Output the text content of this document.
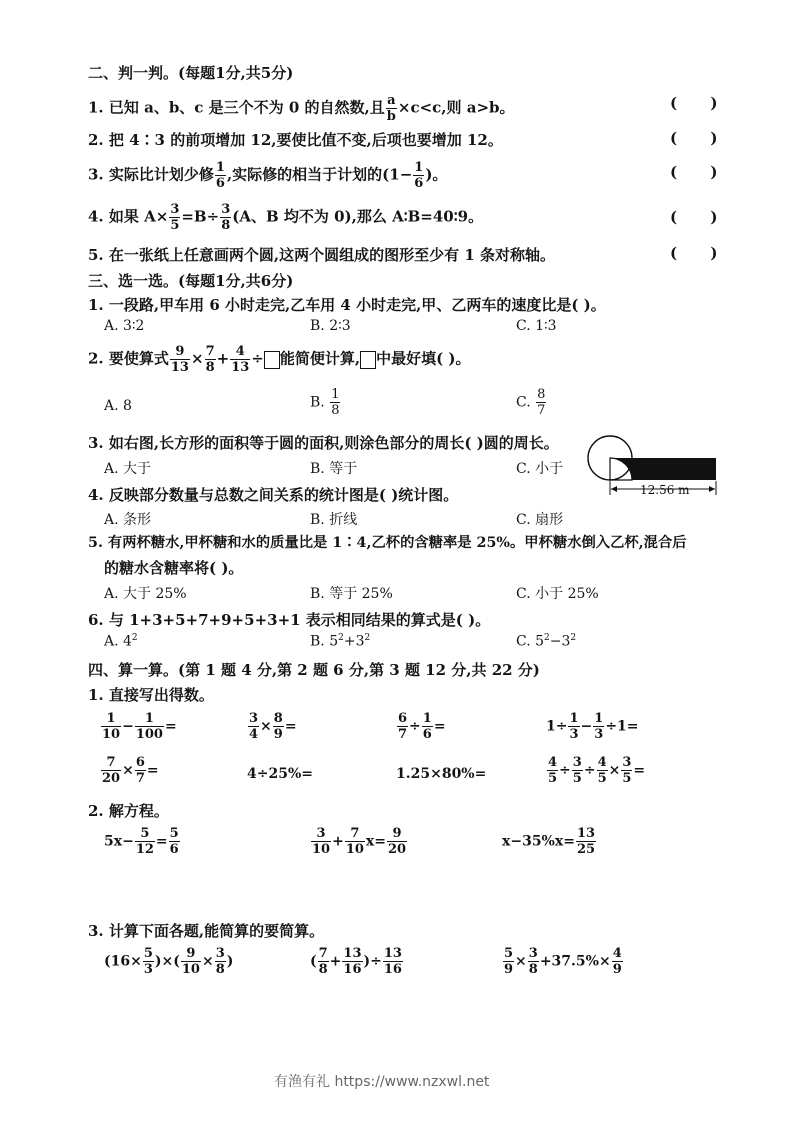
二、判一判。(每题1分,共5分)
1. 已知 a、b、c 是三个不为 0 的自然数,且 $\frac{a}{b} \times c<c$,则 a>b。	( )
2. 把 4∶3 的前项增加 12,要使比值不变,后项也要增加 12。	( )
3. 实际比计划少修 $\frac{1}{6}$ ,实际修的相当于计划的($1- \frac{1}{6}$ )。	( )
4. 如果 $A\times \frac{3}{5} =B\div \frac{3}{8} (A$、B 均不为 0),那么 A∶B=40∶9。	( )
5. 在一张纸上任意画两个圆,这两个圆组成的图形至少有 1 条对称轴。	( )
三、选一选。(每题1分,共6分)
1. 一段路,甲车用 6 小时走完,乙车用 4 小时走完,甲、乙两车的速度比是( )。
A. 3∶2	B. 2∶3	C. 1∶3
2. 要使算式 $\frac{9}{13} \times \frac{7}{8} + \frac{4}{13}$ ÷ 能简便计算, 中最好填( )。
A. 8	B. $\frac{1}{8}$	C. $\frac{8}{7}$
3. 如右图,长方形的面积等于圆的面积,则涂色部分的周长( )圆的周长。
A. 大于	B. 等于	C. 小于
12.56 m
4. 反映部分数量与总数之间关系的统计图是( )统计图。
A. 条形	B. 折线	C. 扇形
5. 有两杯糖水,甲杯糖和水的质量比是 1∶4,乙杯的含糖率是 25%。甲杯糖水倒入乙杯,混合后
的糖水含糖率将( )。
A. 大于 25%	B. 等于 25%	C. 小于 25%
6. 与 1+3+5+7+9+5+3+1 表示相同结果的算式是( )。
A. $4^2$	B. $5^2+3^2$	C. $5^2-3^2$
四、算一算。(第 1 题 4 分,第 2 题 6 分,第 3 题 12 分,共 22 分)
1. 直接写出得数。
$\frac{1}{10} - \frac{1}{100}$ =	$\frac{3}{4} \times \frac{8}{9}$ =	$\frac{6}{7} \div \frac{1}{6}$ =	$1\div \frac{1}{3} - \frac{1}{3} \div 1=$
$\frac{7}{20} \times \frac{6}{7}$ =	4÷25%=	1.25×80%=	$\frac{4}{5} \div \frac{3}{5} \div \frac{4}{5} \times \frac{3}{5}$ =
2. 解方程。
$5x- \frac{5}{12} = \frac{5}{6}$	$\frac{3}{10} + \frac{7}{10} x= \frac{9}{20}$	$x-35\%x= \frac{13}{25}$
3. 计算下面各题,能简算的要简算。
($16\times \frac{5}{3}$ )×( $\frac{9}{10} \times \frac{3}{8}$ )	( $\frac{7}{8} + \frac{13}{16}$ )÷ $\frac{13}{16}$	$\frac{5}{9} \times \frac{3}{8} +37.5\%\times \frac{4}{9}$
有渔有礼 https://www.nzxwl.net
